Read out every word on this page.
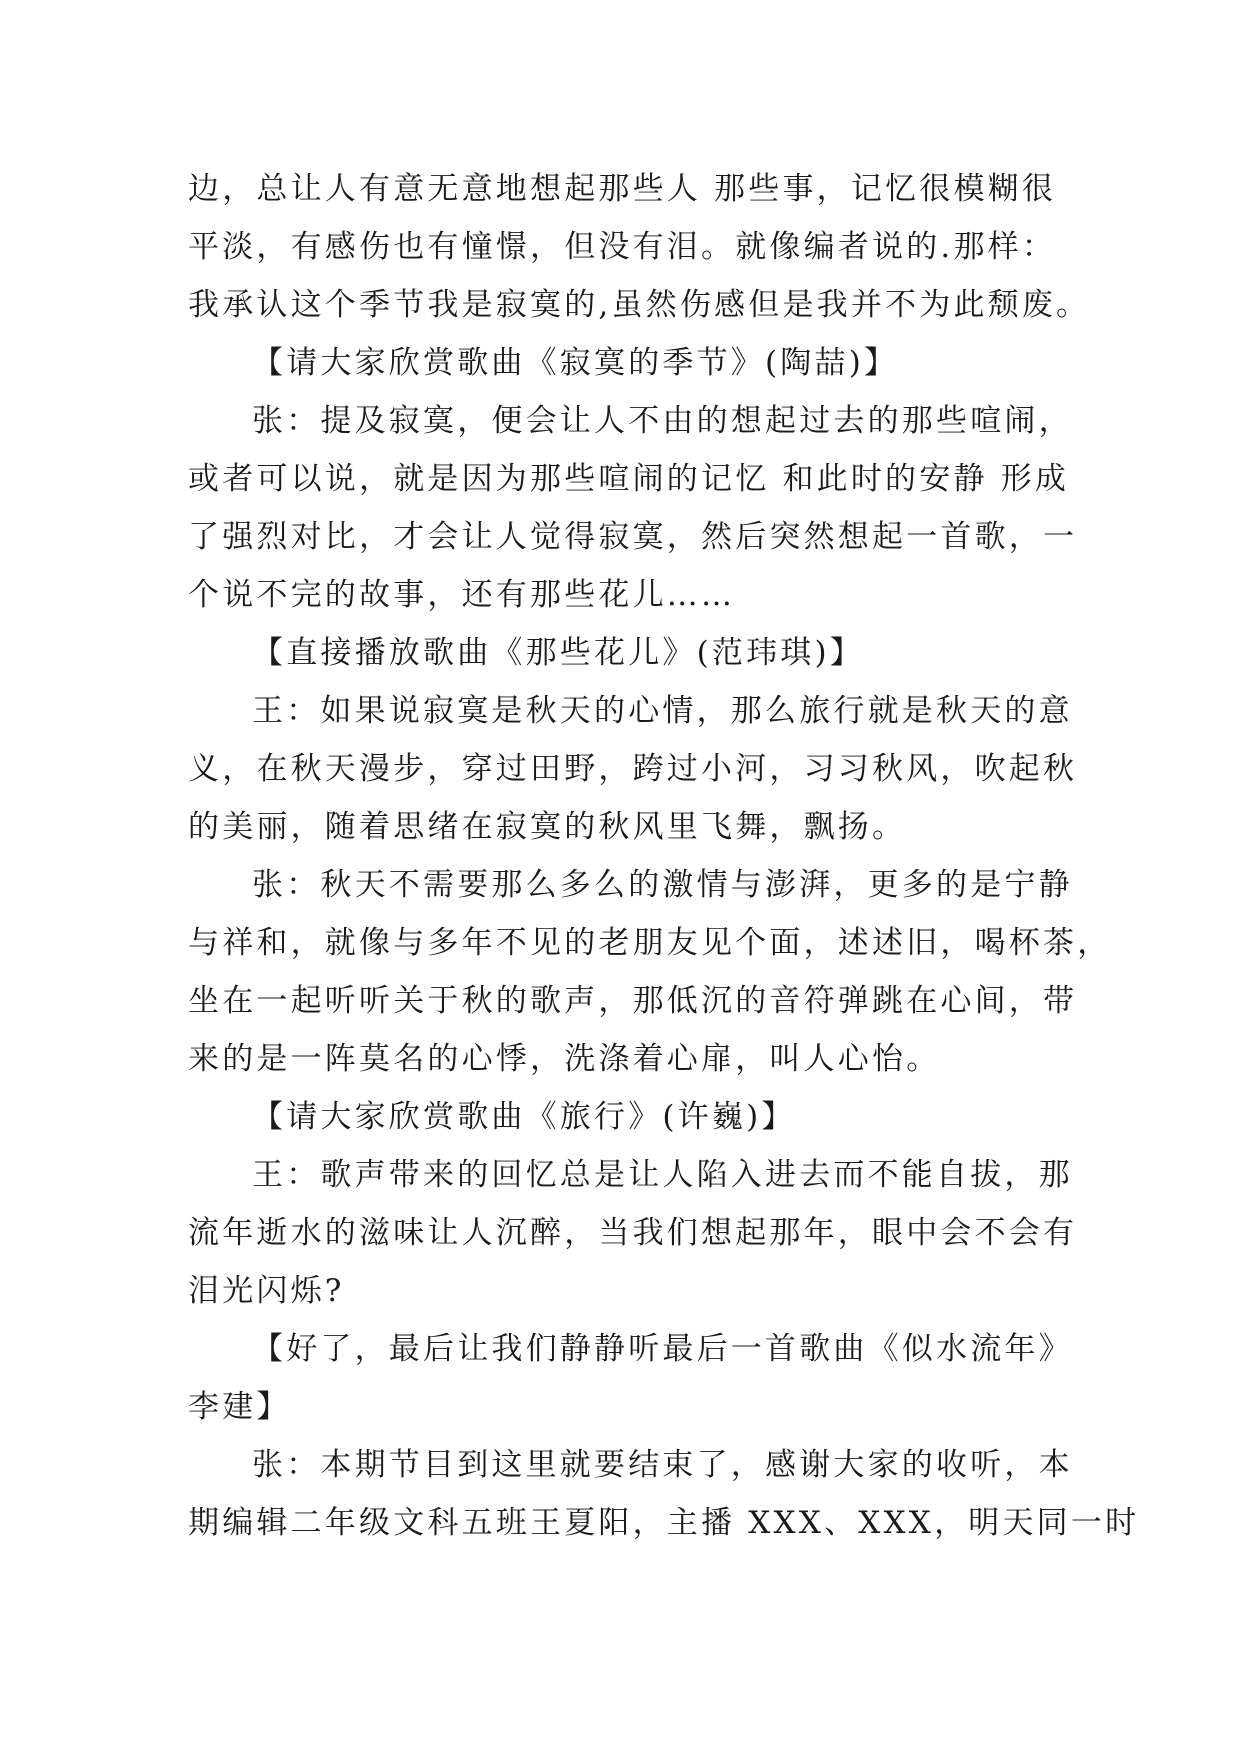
边，总让人有意无意地想起那些人 那些事，记忆很模糊很
平淡，有感伤也有憧憬，但没有泪。就像编者说的.那样：
我承认这个季节我是寂寞的,虽然伤感但是我并不为此颓废。
【请大家欣赏歌曲《寂寞的季节》(陶喆)】
张：提及寂寞，便会让人不由的想起过去的那些喧闹，
或者可以说，就是因为那些喧闹的记忆 和此时的安静 形成
了强烈对比，才会让人觉得寂寞，然后突然想起一首歌，一
个说不完的故事，还有那些花儿……
【直接播放歌曲《那些花儿》(范玮琪)】
王：如果说寂寞是秋天的心情，那么旅行就是秋天的意
义，在秋天漫步，穿过田野，跨过小河，习习秋风，吹起秋
的美丽，随着思绪在寂寞的秋风里飞舞，飘扬。
张：秋天不需要那么多么的激情与澎湃，更多的是宁静
与祥和，就像与多年不见的老朋友见个面，述述旧，喝杯茶，
坐在一起听听关于秋的歌声，那低沉的音符弹跳在心间，带
来的是一阵莫名的心悸，洗涤着心扉，叫人心怡。
【请大家欣赏歌曲《旅行》(许巍)】
王：歌声带来的回忆总是让人陷入进去而不能自拔，那
流年逝水的滋味让人沉醉，当我们想起那年，眼中会不会有
泪光闪烁?
【好了，最后让我们静静听最后一首歌曲《似水流年》
李建】
张：本期节目到这里就要结束了，感谢大家的收听，本
期编辑二年级文科五班王夏阳，主播 XXX、XXX，明天同一时
